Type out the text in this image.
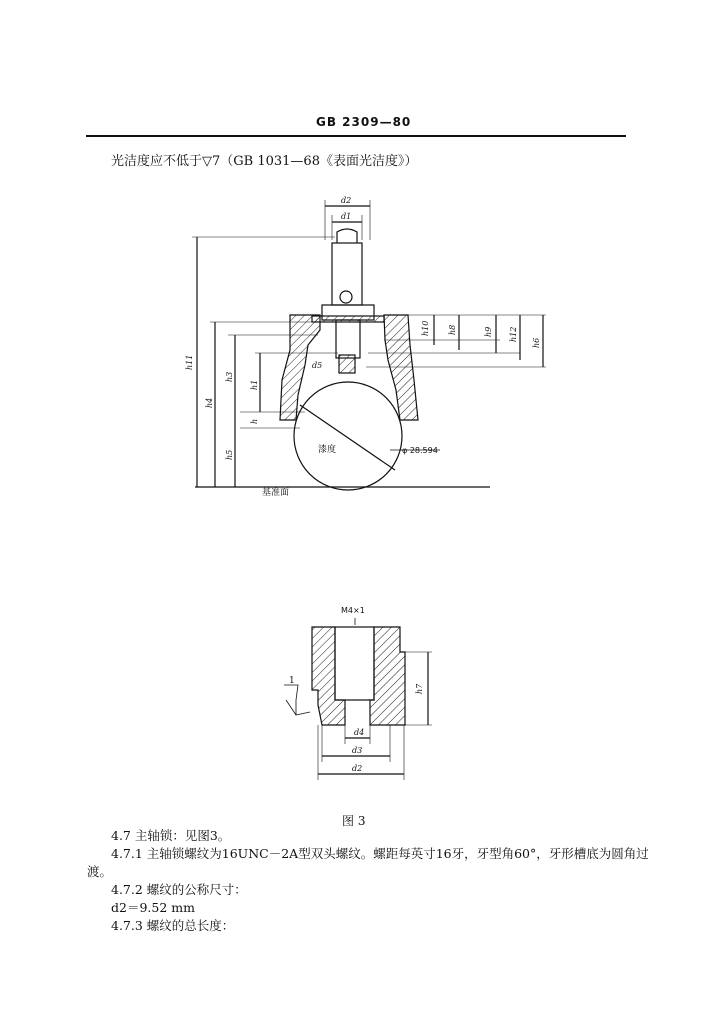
GB 2309—80
光洁度应不低于▽7（GB 1031—68《表面光洁度》）
d2
d1
h11
h4
h3
h1
h
h5
h10 h8	h9 h12
h6
d5
漆度	φ 28.594
基准面
M4×1
h7
d4
d3
d2
1
图 3
4.7 主轴锁：见图3。
4.7.1 主轴锁螺纹为16UNC－2A型双头螺纹。螺距每英寸16牙，牙型角60°，牙形槽底为圆角过
渡。
4.7.2 螺纹的公称尺寸：
d2＝9.52 mm
4.7.3 螺纹的总长度：
